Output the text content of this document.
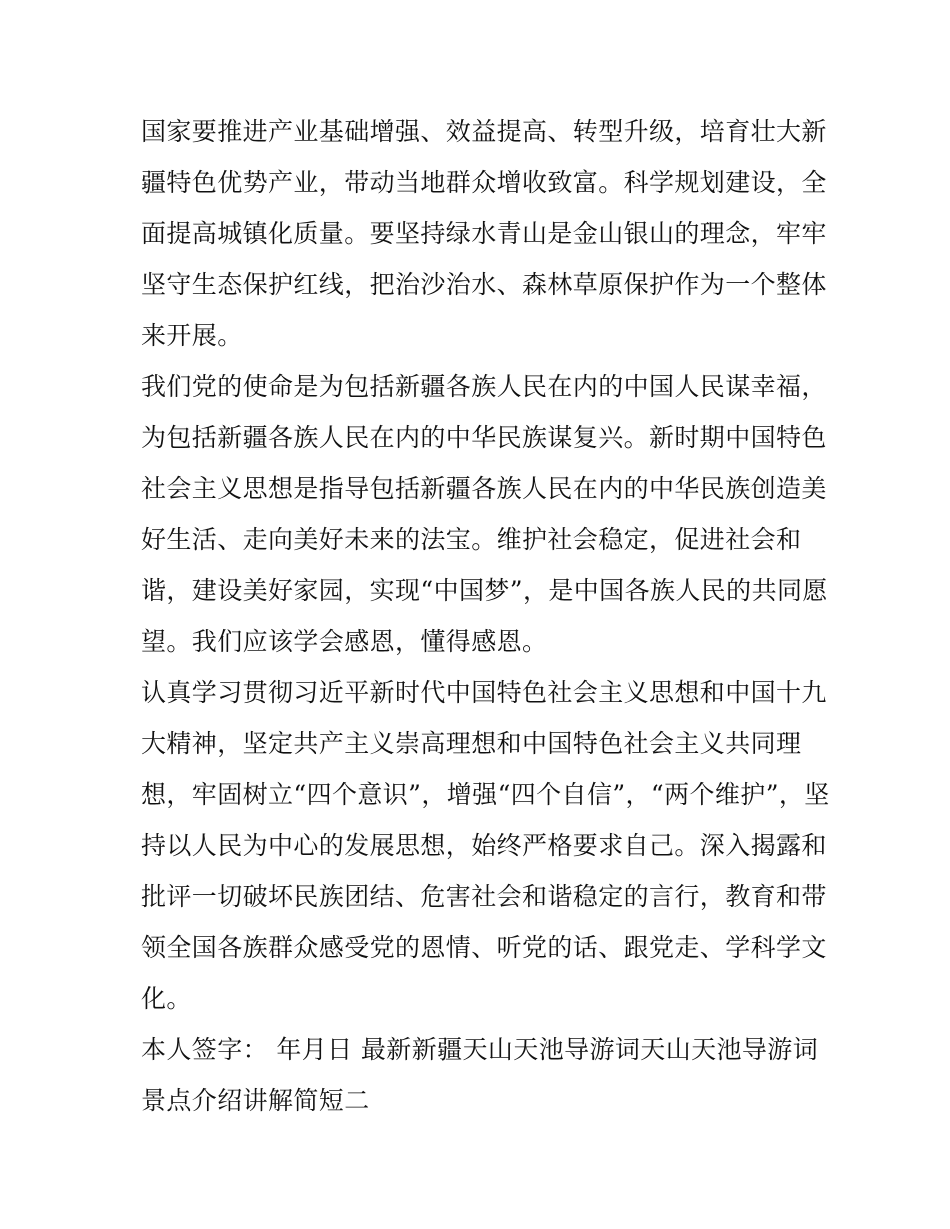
国家要推进产业基础增强、效益提高、转型升级，培育壮大新
疆特色优势产业，带动当地群众增收致富。科学规划建设，全
面提高城镇化质量。要坚持绿水青山是金山银山的理念，牢牢
坚守生态保护红线，把治沙治水、森林草原保护作为一个整体
来开展。
我们党的使命是为包括新疆各族人民在内的中国人民谋幸福，
为包括新疆各族人民在内的中华民族谋复兴。新时期中国特色
社会主义思想是指导包括新疆各族人民在内的中华民族创造美
好生活、走向美好未来的法宝。维护社会稳定，促进社会和
谐，建设美好家园，实现“中国梦”，是中国各族人民的共同愿
望。我们应该学会感恩，懂得感恩。
认真学习贯彻习近平新时代中国特色社会主义思想和中国十九
大精神，坚定共产主义崇高理想和中国特色社会主义共同理
想，牢固树立“四个意识”，增强“四个自信”，“两个维护”，坚
持以人民为中心的发展思想，始终严格要求自己。深入揭露和
批评一切破坏民族团结、危害社会和谐稳定的言行，教育和带
领全国各族群众感受党的恩情、听党的话、跟党走、学科学文
化。
本人签字： 年月日 最新新疆天山天池导游词天山天池导游词
景点介绍讲解简短二
